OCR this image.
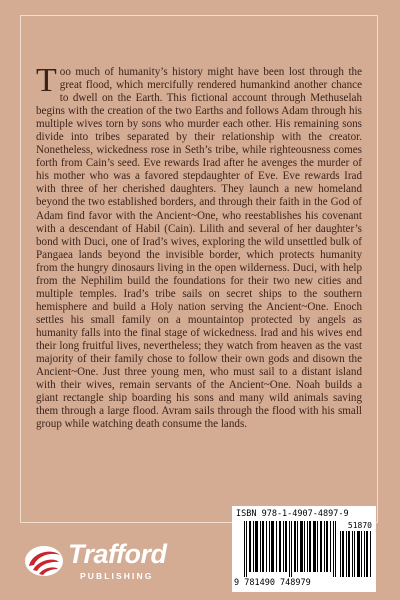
Too much of humanity’s history might have been lost through the great flood, which mercifully rendered humankind another chance to dwell on the Earth. This fictional account through Methuselah begins with the creation of the two Earths and follows Adam through his multiple wives torn by sons who murder each other. His remaining sons divide into tribes separated by their relationship with the creator. Nonetheless, wickedness rose in Seth’s tribe, while righteousness comes forth from Cain’s seed. Eve rewards Irad after he avenges the murder of his mother who was a favored stepdaughter of Eve. Eve rewards Irad with three of her cherished daughters. They launch a new homeland beyond the two established borders, and through their faith in the God of Adam find favor with the Ancient~One, who reestablishes his covenant with a descendant of Habil (Cain). Lilith and several of her daughter’s bond with Duci, one of Irad’s wives, exploring the wild unsettled bulk of Pangaea lands beyond the invisible border, which protects humanity from the hungry dinosaurs living in the open wilderness. Duci, with help from the Nephilim build the foundations for their two new cities and multiple temples. Irad’s tribe sails on secret ships to the southern hemisphere and build a Holy nation serving the Ancient~One. Enoch settles his small family on a mountaintop protected by angels as humanity falls into the final stage of wickedness. Irad and his wives end their long fruitful lives, nevertheless; they watch from heaven as the vast majority of their family chose to follow their own gods and disown the Ancient~One. Just three young men, who must sail to a distant island with their wives, remain servants of the Ancient~One. Noah builds a giant rectangle ship boarding his sons and many wild animals saving them through a large flood. Avram sails through the flood with his small group while watching death consume the lands.

ISBN 978-1-4907-4897-9
51870
9 781490 748979
Trafford
PUBLISHING
